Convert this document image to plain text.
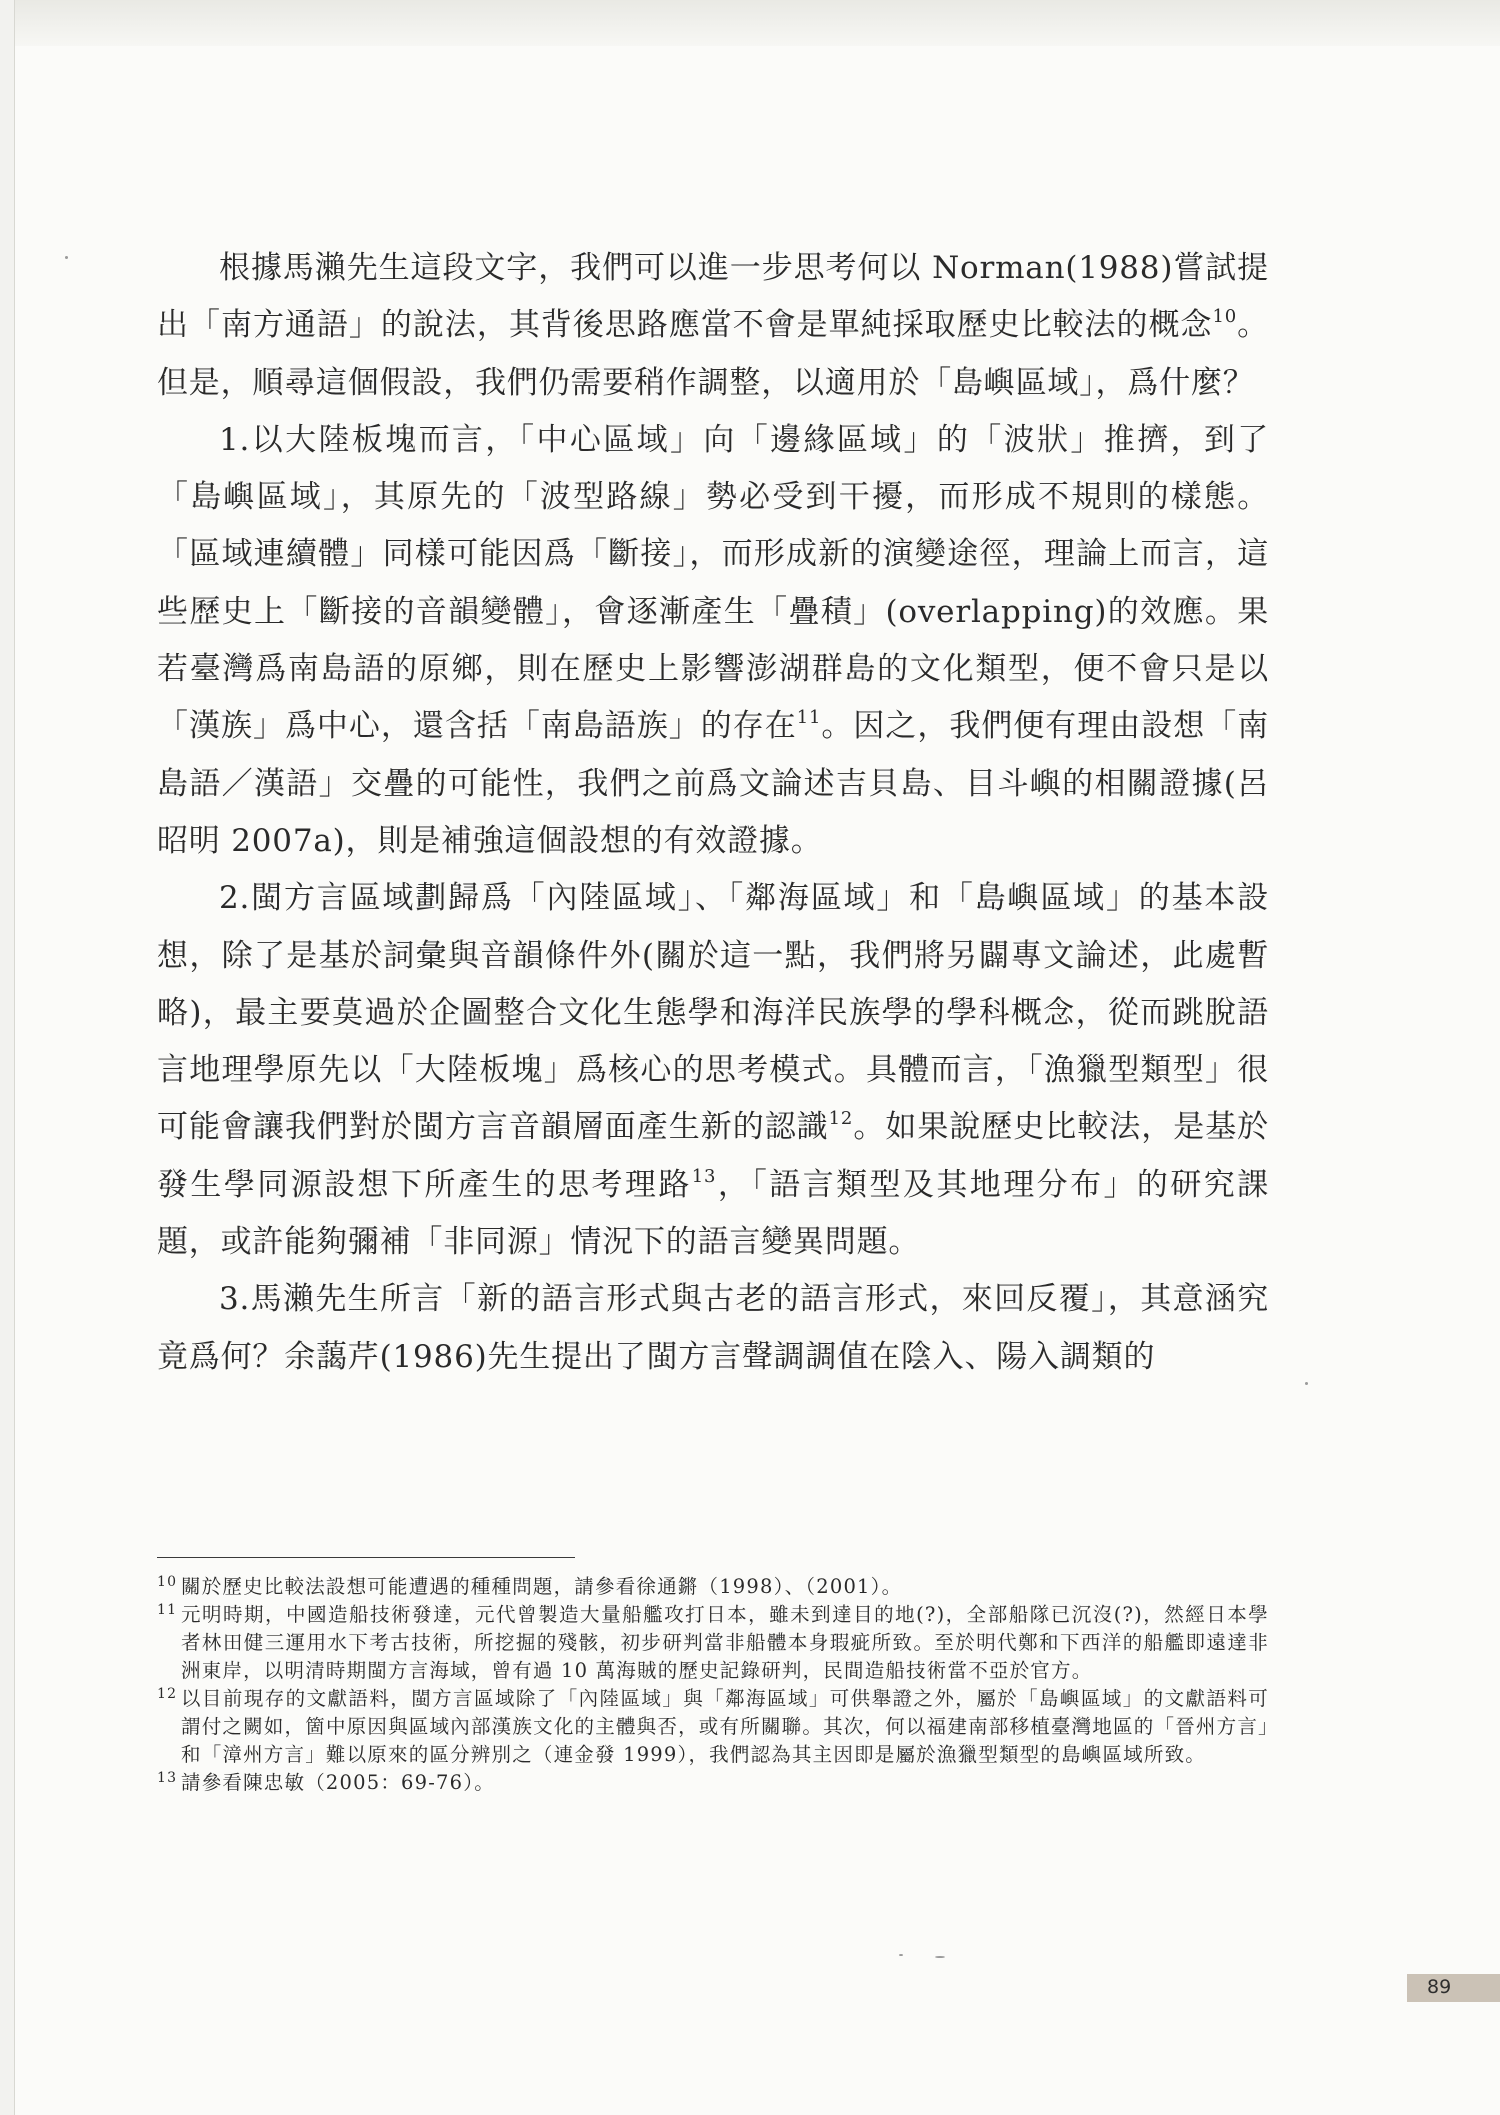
根據馬瀨先生這段文字，我們可以進一步思考何以 Norman(1988)嘗試提出「南方通語」的說法，其背後思路應當不會是單純採取歷史比較法的概念$^{10}$。但是，順尋這個假設，我們仍需要稍作調整，以適用於「島嶼區域」，爲什麼？

1.以大陸板塊而言，「中心區域」向「邊緣區域」的「波狀」推擠，到了「島嶼區域」，其原先的「波型路線」勢必受到干擾，而形成不規則的樣態。「區域連續體」同樣可能因爲「斷接」，而形成新的演變途徑，理論上而言，這些歷史上「斷接的音韻變體」，會逐漸產生「疊積」(overlapping)的效應。果若臺灣爲南島語的原鄉，則在歷史上影響澎湖群島的文化類型，便不會只是以「漢族」爲中心，還含括「南島語族」的存在$^{11}$。因之，我們便有理由設想「南島語／漢語」交疊的可能性，我們之前爲文論述吉貝島、目斗嶼的相關證據(呂昭明 2007a)，則是補強這個設想的有效證據。

2.閩方言區域劃歸爲「內陸區域」、「鄰海區域」和「島嶼區域」的基本設想，除了是基於詞彙與音韻條件外(關於這一點，我們將另闢專文論述，此處暫略)，最主要莫過於企圖整合文化生態學和海洋民族學的學科概念，從而跳脫語言地理學原先以「大陸板塊」爲核心的思考模式。具體而言，「漁獵型類型」很可能會讓我們對於閩方言音韻層面產生新的認識$^{12}$。如果說歷史比較法，是基於發生學同源設想下所產生的思考理路$^{13}$，「語言類型及其地理分布」的研究課題，或許能夠彌補「非同源」情況下的語言變異問題。

3.馬瀨先生所言「新的語言形式與古老的語言形式，來回反覆」，其意涵究竟爲何？余藹芹(1986)先生提出了閩方言聲調調值在陰入、陽入調類的

10 關於歷史比較法設想可能遭遇的種種問題，請參看徐通鏘（1998）、（2001）。
11 元明時期，中國造船技術發達，元代曾製造大量船艦攻打日本，雖未到達目的地(?)，全部船隊已沉沒(?)，然經日本學者林田健三運用水下考古技術，所挖掘的殘骸，初步研判當非船體本身瑕疵所致。至於明代鄭和下西洋的船艦即遠達非洲東岸，以明清時期閩方言海域，曾有過 10 萬海賊的歷史記錄研判，民間造船技術當不亞於官方。
12 以目前現存的文獻語料，閩方言區域除了「內陸區域」與「鄰海區域」可供舉證之外，屬於「島嶼區域」的文獻語料可謂付之闕如，箇中原因與區域內部漢族文化的主體與否，或有所關聯。其次，何以福建南部移植臺灣地區的「晉州方言」和「漳州方言」難以原來的區分辨別之（連金發 1999），我們認為其主因即是屬於漁獵型類型的島嶼區域所致。
13 請參看陳忠敏（2005：69-76）。
89
